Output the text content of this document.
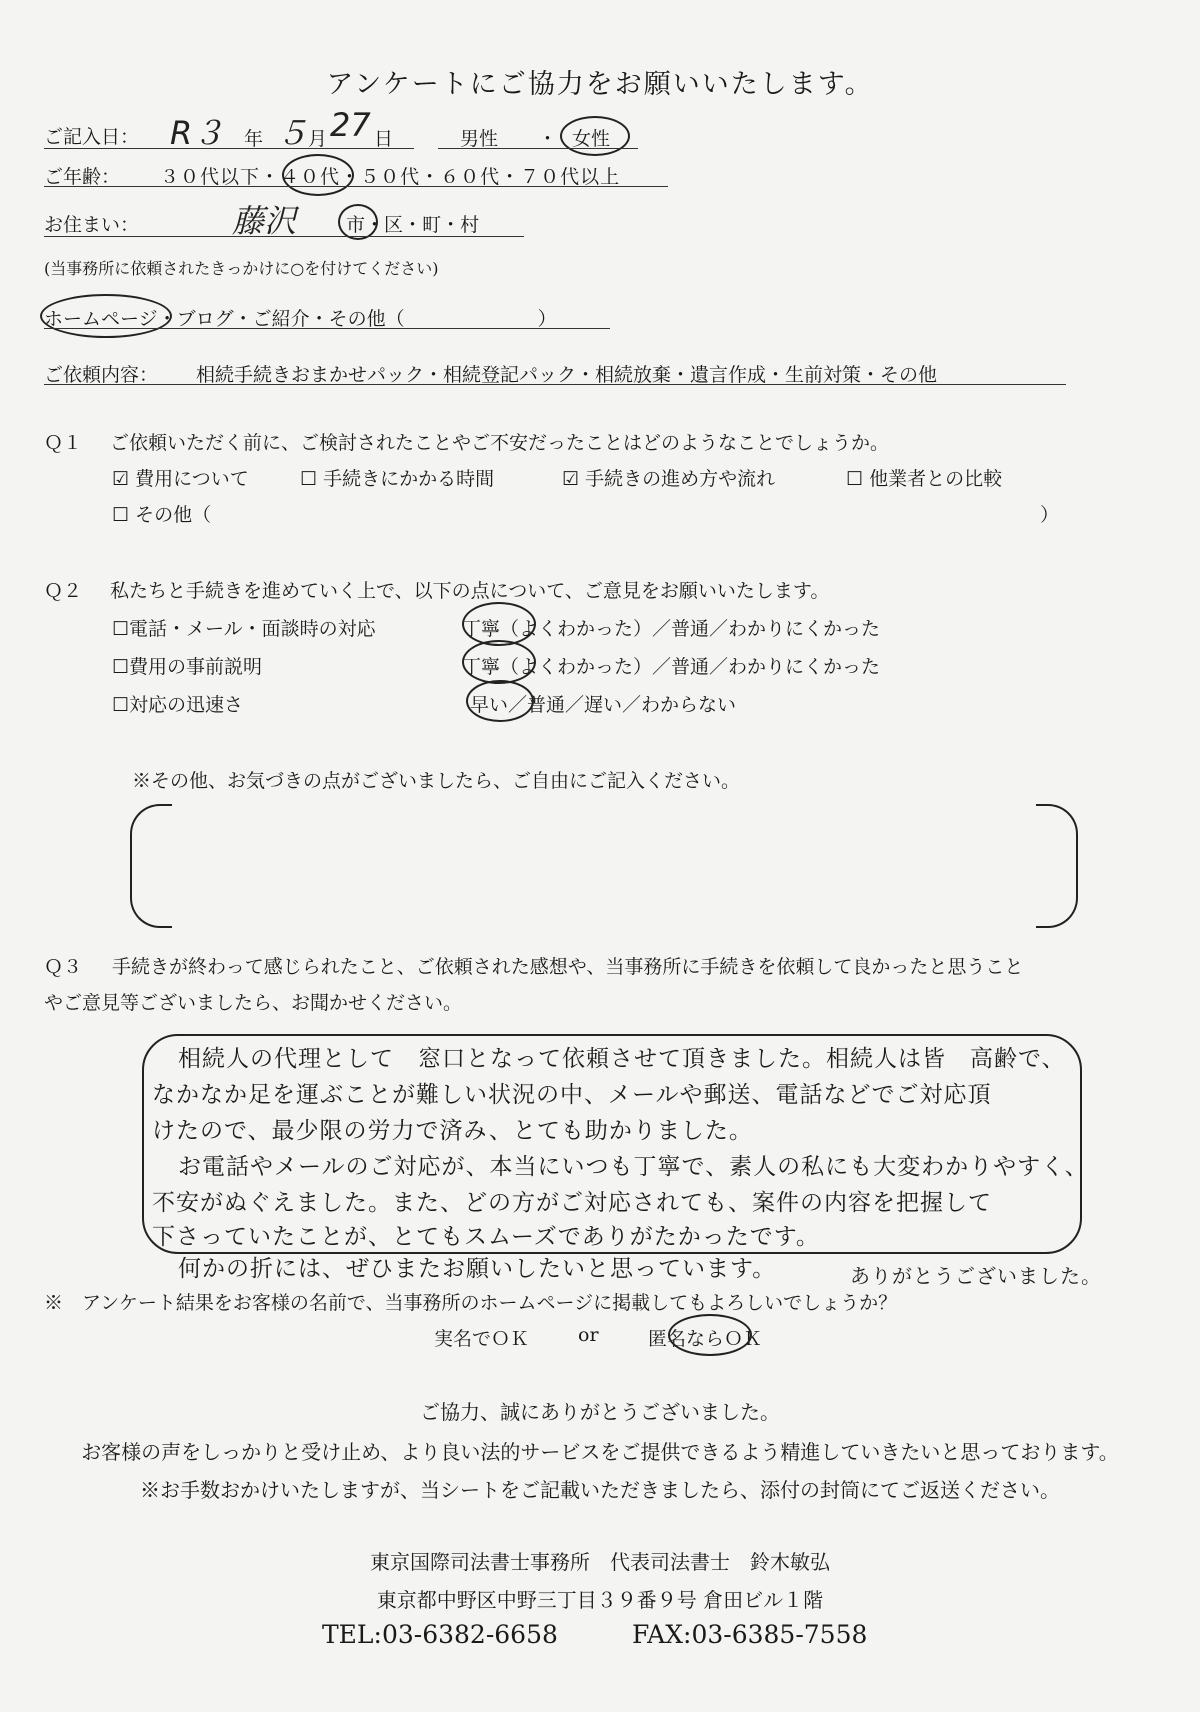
アンケートにご協力をお願いいたします。
ご記入日： R３ 年 ５ 月 27 日	男性 ・ 女性
ご年齢： ３０代以下・４０代・５０代・６０代・７０代以上
お住まい：	藤沢	市・区・町・村
(当事務所に依頼されたきっかけに○を付けてください)
ホームページ・ブログ・ご紹介・その他（　　　　　　　）
ご依頼内容： 相続手続きおまかせパック・相続登記パック・相続放棄・遺言作成・生前対策・その他
Ｑ１ ご依頼いただく前に、ご検討されたことやご不安だったことはどのようなことでしょうか。
☑ 費用について	☐ 手続きにかかる時間	☑ 手続きの進め方や流れ	☐ 他業者との比較
☐ その他（	）
Ｑ２ 私たちと手続きを進めていく上で、以下の点について、ご意見をお願いいたします。
☐電話・メール・面談時の対応	丁寧（よくわかった）／普通／わかりにくかった
☐費用の事前説明	丁寧（よくわかった）／普通／わかりにくかった
☐対応の迅速さ	早い／普通／遅い／わからない
※その他、お気づきの点がございましたら、ご自由にご記入ください。
Ｑ３ 手続きが終わって感じられたこと、ご依頼された感想や、当事務所に手続きを依頼して良かったと思うこと
やご意見等ございましたら、お聞かせください。
相続人の代理として　窓口となって依頼させて頂きました。相続人は皆　高齢で、
なかなか足を運ぶことが難しい状況の中、メールや郵送、電話などでご対応頂
けたので、最少限の労力で済み、とても助かりました。
お電話やメールのご対応が、本当にいつも丁寧で、素人の私にも大変わかりやすく、
不安がぬぐえました。また、どの方がご対応されても、案件の内容を把握して
下さっていたことが、とてもスムーズでありがたかったです。
何かの折には、ぜひまたお願いしたいと思っています。	ありがとうございました。
※　アンケート結果をお客様の名前で、当事務所のホームページに掲載してもよろしいでしょうか？
実名でＯＫ	or	匿名ならＯＫ
ご協力、誠にありがとうございました。
お客様の声をしっかりと受け止め、より良い法的サービスをご提供できるよう精進していきたいと思っております。
※お手数おかけいたしますが、当シートをご記載いただきましたら、添付の封筒にてご返送ください。
東京国際司法書士事務所　代表司法書士　鈴木敏弘
東京都中野区中野三丁目３９番９号 倉田ビル１階
TEL:03-6382-6658	FAX:03-6385-7558
